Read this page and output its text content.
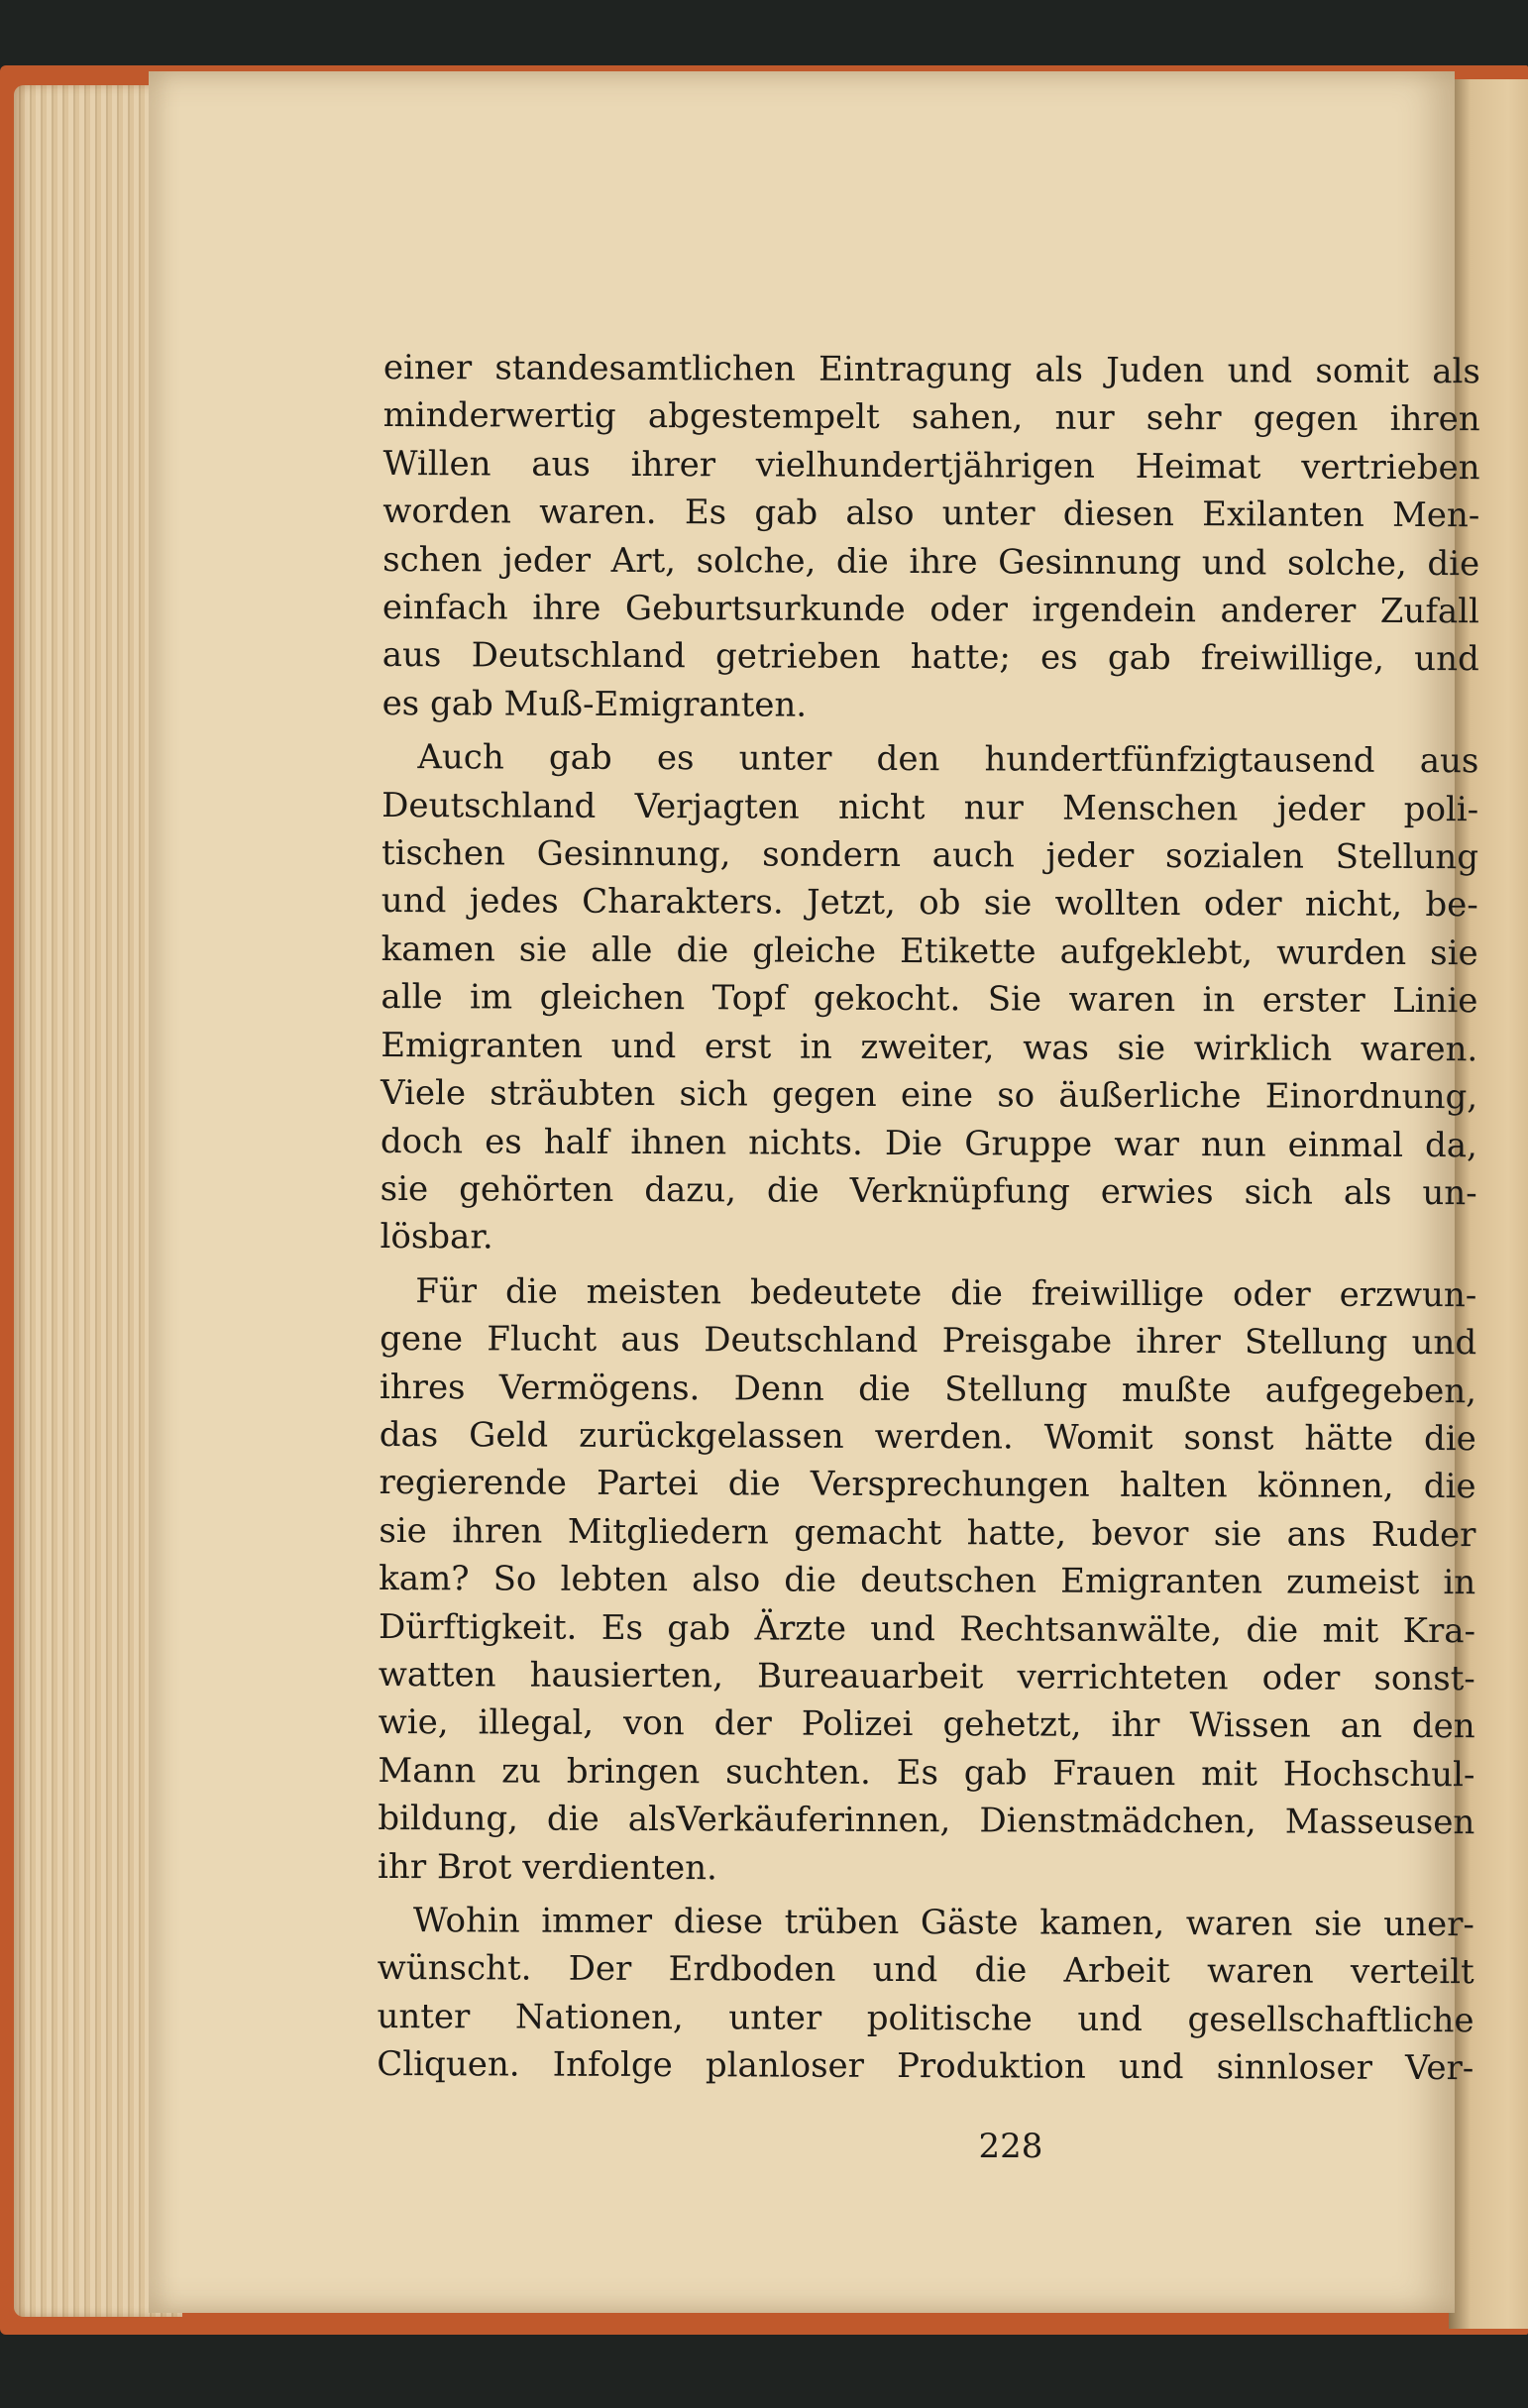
einer standesamtlichen Eintragung als Juden und somit als
minderwertig abgestempelt sahen, nur sehr gegen ihren
Willen aus ihrer vielhundertjährigen Heimat vertrieben
worden waren. Es gab also unter diesen Exilanten Men-
schen jeder Art, solche, die ihre Gesinnung und solche, die
einfach ihre Geburtsurkunde oder irgendein anderer Zufall
aus Deutschland getrieben hatte; es gab freiwillige, und
es gab Muß-Emigranten.
Auch gab es unter den hundertfünfzigtausend aus
Deutschland Verjagten nicht nur Menschen jeder poli-
tischen Gesinnung, sondern auch jeder sozialen Stellung
und jedes Charakters. Jetzt, ob sie wollten oder nicht, be-
kamen sie alle die gleiche Etikette aufgeklebt, wurden sie
alle im gleichen Topf gekocht. Sie waren in erster Linie
Emigranten und erst in zweiter, was sie wirklich waren.
Viele sträubten sich gegen eine so äußerliche Einordnung,
doch es half ihnen nichts. Die Gruppe war nun einmal da,
sie gehörten dazu, die Verknüpfung erwies sich als un-
lösbar.
Für die meisten bedeutete die freiwillige oder erzwun-
gene Flucht aus Deutschland Preisgabe ihrer Stellung und
ihres Vermögens. Denn die Stellung mußte aufgegeben,
das Geld zurückgelassen werden. Womit sonst hätte die
regierende Partei die Versprechungen halten können, die
sie ihren Mitgliedern gemacht hatte, bevor sie ans Ruder
kam? So lebten also die deutschen Emigranten zumeist in
Dürftigkeit. Es gab Ärzte und Rechtsanwälte, die mit Kra-
watten hausierten, Bureauarbeit verrichteten oder sonst-
wie, illegal, von der Polizei gehetzt, ihr Wissen an den
Mann zu bringen suchten. Es gab Frauen mit Hochschul-
bildung, die alsVerkäuferinnen, Dienstmädchen, Masseusen
ihr Brot verdienten.
Wohin immer diese trüben Gäste kamen, waren sie uner-
wünscht. Der Erdboden und die Arbeit waren verteilt
unter Nationen, unter politische und gesellschaftliche
Cliquen. Infolge planloser Produktion und sinnloser Ver-
228
